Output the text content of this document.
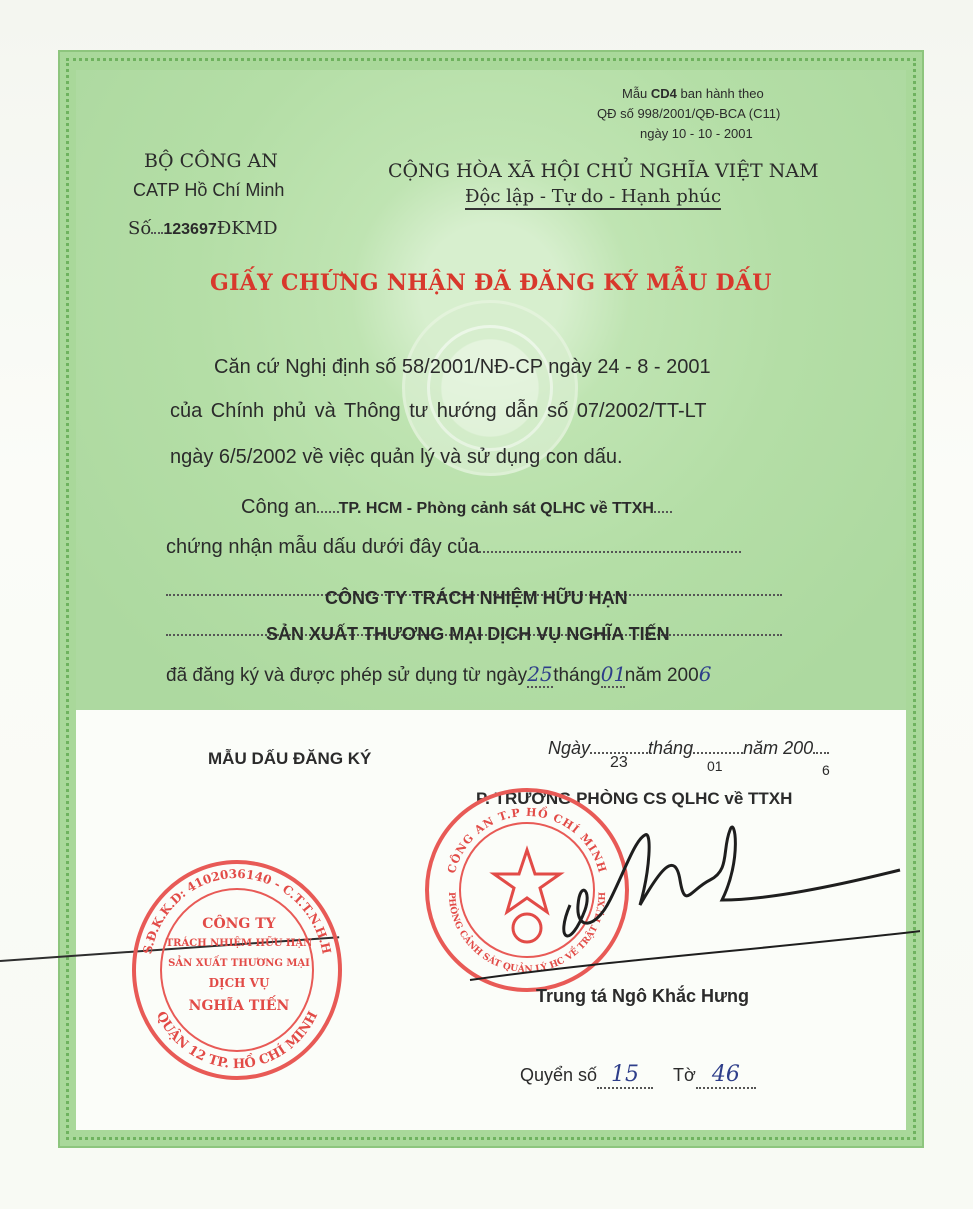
Mẫu CD4 ban hành theo
QĐ số 998/2001/QĐ-BCA (C11)
ngày 10 - 10 - 2001
BỘ CÔNG AN
CATP Hồ Chí Minh
Số 123697ĐKMD
CỘNG HÒA XÃ HỘI CHỦ NGHĨA VIỆT NAM
Độc lập - Tự do - Hạnh phúc
GIẤY CHỨNG NHẬN ĐÃ ĐĂNG KÝ MẪU DẤU
Căn cứ Nghị định số 58/2001/NĐ-CP ngày 24 - 8 - 2001
của Chính phủ và Thông tư hướng dẫn số 07/2002/TT-LT
ngày 6/5/2002 về việc quản lý và sử dụng con dấu.
Công an TP. HCM - Phòng cảnh sát QLHC về TTXH
chứng nhận mẫu dấu dưới đây của
CÔNG TY TRÁCH NHIỆM HỮU HẠN
SẢN XUẤT THƯƠNG MẠI DỊCH VỤ NGHĨA TIẾN
đã đăng ký và được phép sử dụng từ ngày25tháng01năm 2006
MẪU DẤU ĐĂNG KÝ
Ngày	tháng	năm 200
23	01	6
P. TRƯỞNG PHÒNG CS QLHC về TTXH
CÔNG AN T.P HỒ CHÍ MINH
PHÒNG CẢNH SÁT QUẢN LÝ HC VỀ TRẬT TỰ XH
Trung tá Ngô Khắc Hưng
S.Đ.K.K.D: 4102036140 - C.T.T.N.H.H
QUẬN 12 TP. HỒ CHÍ MINH
CÔNG TY
TRÁCH NHIỆM HỮU HẠN
SẢN XUẤT THƯƠNG MẠI
DỊCH VỤ
NGHĨA TIẾN
Quyển số 15 Tờ 46
